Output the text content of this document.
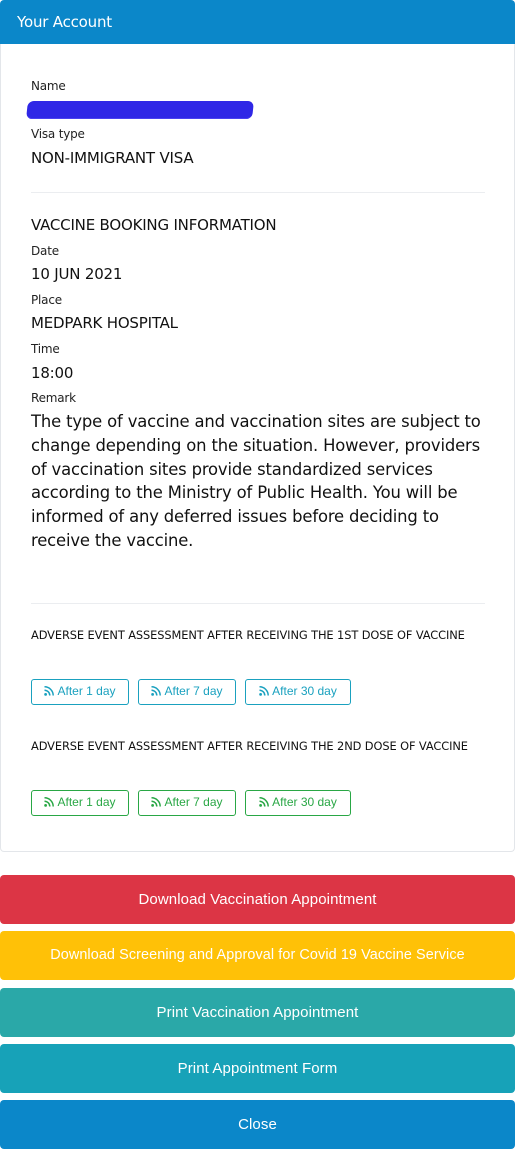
Your Account
Name
Visa type
NON-IMMIGRANT VISA
VACCINE BOOKING INFORMATION
Date
10 JUN 2021
Place
MEDPARK HOSPITAL
Time
18:00
Remark
The type of vaccine and vaccination sites are subject to change depending on the situation. However, providers of vaccination sites provide standardized services according to the Ministry of Public Health. You will be informed of any deferred issues before deciding to receive the vaccine.
ADVERSE EVENT ASSESSMENT AFTER RECEIVING THE 1ST DOSE OF VACCINE
After 1 day	After 7 day	After 30 day
ADVERSE EVENT ASSESSMENT AFTER RECEIVING THE 2ND DOSE OF VACCINE
After 1 day	After 7 day	After 30 day
Download Vaccination Appointment
Download Screening and Approval for Covid 19 Vaccine Service
Print Vaccination Appointment
Print Appointment Form
Close
